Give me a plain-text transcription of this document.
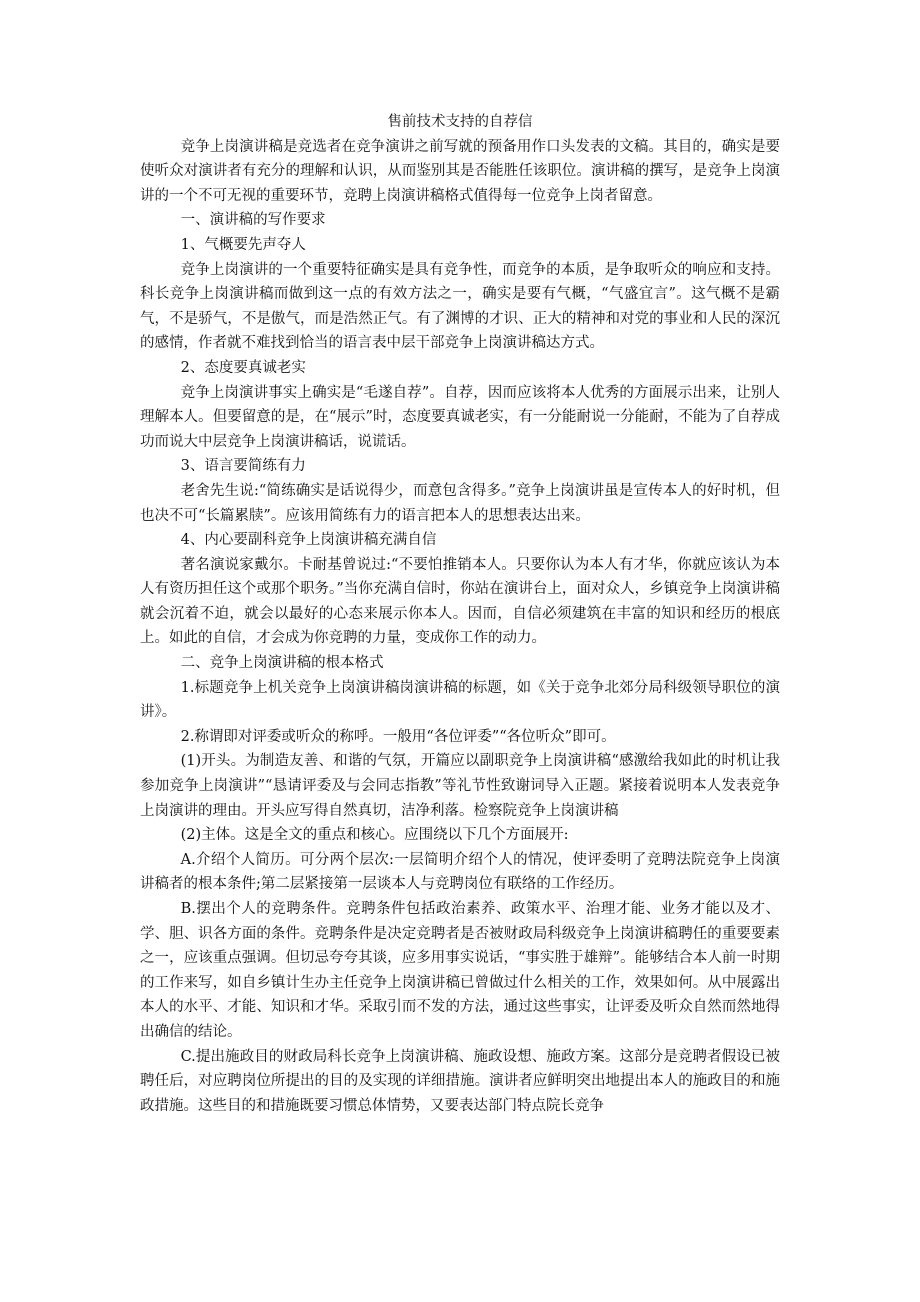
售前技术支持的自荐信

竞争上岗演讲稿是竞选者在竞争演讲之前写就的预备用作口头发表的文稿。其目的，确实是要使听众对演讲者有充分的理解和认识，从而鉴别其是否能胜任该职位。演讲稿的撰写，是竞争上岗演讲的一个不可无视的重要环节，竞聘上岗演讲稿格式值得每一位竞争上岗者留意。

一、演讲稿的写作要求

1、气概要先声夺人

竞争上岗演讲的一个重要特征确实是具有竞争性，而竞争的本质，是争取听众的响应和支持。科长竞争上岗演讲稿而做到这一点的有效方法之一，确实是要有气概，“气盛宜言”。这气概不是霸气，不是骄气，不是傲气，而是浩然正气。有了渊博的才识、正大的精神和对党的事业和人民的深沉的感情，作者就不难找到恰当的语言表中层干部竞争上岗演讲稿达方式。

2、态度要真诚老实

竞争上岗演讲事实上确实是“毛遂自荐”。自荐，因而应该将本人优秀的方面展示出来，让别人理解本人。但要留意的是，在“展示”时，态度要真诚老实，有一分能耐说一分能耐，不能为了自荐成功而说大中层竞争上岗演讲稿话，说谎话。

3、语言要简练有力

老舍先生说:“简练确实是话说得少，而意包含得多。”竞争上岗演讲虽是宣传本人的好时机，但也决不可“长篇累牍”。应该用简练有力的语言把本人的思想表达出来。

4、内心要副科竞争上岗演讲稿充满自信

著名演说家戴尔。卡耐基曾说过:“不要怕推销本人。只要你认为本人有才华，你就应该认为本人有资历担任这个或那个职务。”当你充满自信时，你站在演讲台上，面对众人，乡镇竞争上岗演讲稿就会沉着不迫，就会以最好的心态来展示你本人。因而，自信必须建筑在丰富的知识和经历的根底上。如此的自信，才会成为你竞聘的力量，变成你工作的动力。

二、竞争上岗演讲稿的根本格式

1.标题竞争上机关竞争上岗演讲稿岗演讲稿的标题，如《关于竞争北郊分局科级领导职位的演讲》。

2.称谓即对评委或听众的称呼。一般用“各位评委”“各位听众”即可。

(1)开头。为制造友善、和谐的气氛，开篇应以副职竞争上岗演讲稿“感激给我如此的时机让我参加竞争上岗演讲”“恳请评委及与会同志指教”等礼节性致谢词导入正题。紧接着说明本人发表竞争上岗演讲的理由。开头应写得自然真切，洁净利落。检察院竞争上岗演讲稿

(2)主体。这是全文的重点和核心。应围绕以下几个方面展开:

A.介绍个人简历。可分两个层次:一层简明介绍个人的情况，使评委明了竞聘法院竞争上岗演讲稿者的根本条件;第二层紧接第一层谈本人与竞聘岗位有联络的工作经历。

B.摆出个人的竞聘条件。竞聘条件包括政治素养、政策水平、治理才能、业务才能以及才、学、胆、识各方面的条件。竞聘条件是决定竞聘者是否被财政局科级竞争上岗演讲稿聘任的重要要素之一，应该重点强调。但切忌夸夸其谈，应多用事实说话，“事实胜于雄辩”。能够结合本人前一时期的工作来写，如自乡镇计生办主任竞争上岗演讲稿已曾做过什么相关的工作，效果如何。从中展露出本人的水平、才能、知识和才华。采取引而不发的方法，通过这些事实，让评委及听众自然而然地得出确信的结论。

C.提出施政目的财政局科长竞争上岗演讲稿、施政设想、施政方案。这部分是竞聘者假设已被聘任后，对应聘岗位所提出的目的及实现的详细措施。演讲者应鲜明突出地提出本人的施政目的和施政措施。这些目的和措施既要习惯总体情势，又要表达部门特点院长竞争
